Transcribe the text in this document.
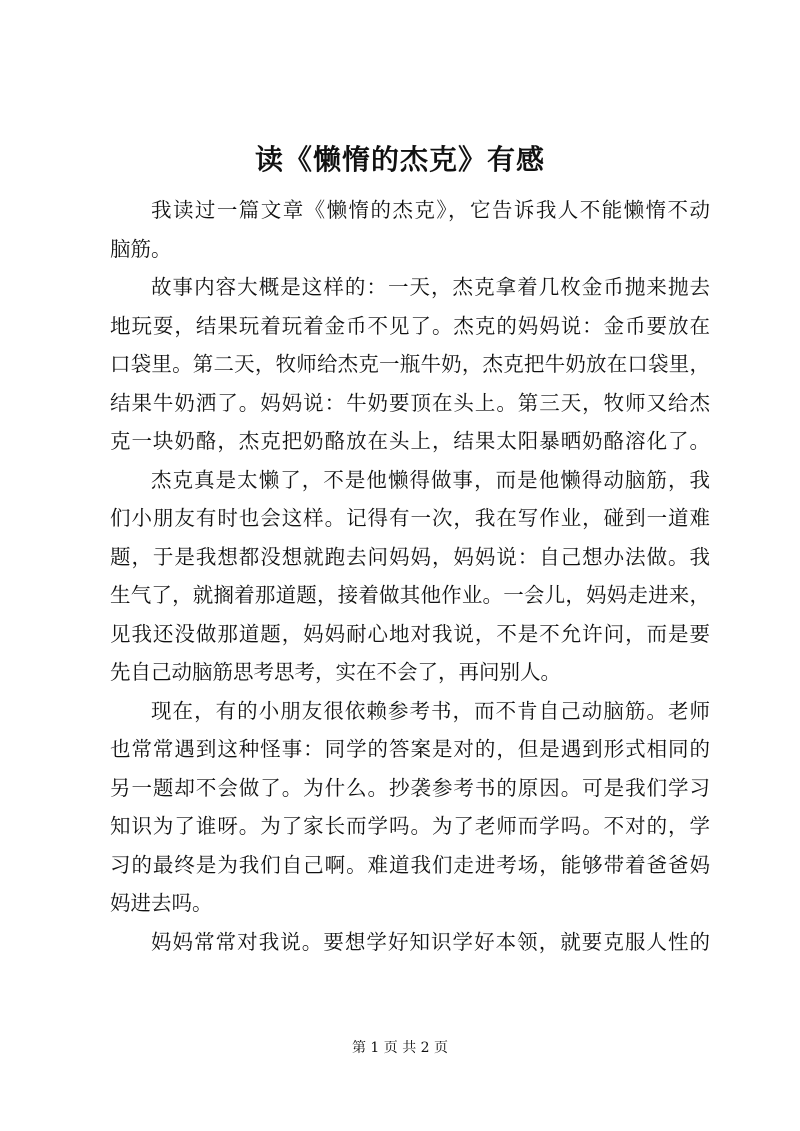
读《懒惰的杰克》有感
我读过一篇文章《懒惰的杰克》，它告诉我人不能懒惰不动
脑筋。
故事内容大概是这样的：一天，杰克拿着几枚金币抛来抛去
地玩耍，结果玩着玩着金币不见了。杰克的妈妈说：金币要放在
口袋里。第二天，牧师给杰克一瓶牛奶，杰克把牛奶放在口袋里，
结果牛奶洒了。妈妈说：牛奶要顶在头上。第三天，牧师又给杰
克一块奶酪，杰克把奶酪放在头上，结果太阳暴晒奶酪溶化了。
杰克真是太懒了，不是他懒得做事，而是他懒得动脑筋，我
们小朋友有时也会这样。记得有一次，我在写作业，碰到一道难
题，于是我想都没想就跑去问妈妈，妈妈说：自己想办法做。我
生气了，就搁着那道题，接着做其他作业。一会儿，妈妈走进来，
见我还没做那道题，妈妈耐心地对我说，不是不允许问，而是要
先自己动脑筋思考思考，实在不会了，再问别人。
现在，有的小朋友很依赖参考书，而不肯自己动脑筋。老师
也常常遇到这种怪事：同学的答案是对的，但是遇到形式相同的
另一题却不会做了。为什么。抄袭参考书的原因。可是我们学习
知识为了谁呀。为了家长而学吗。为了老师而学吗。不对的，学
习的最终是为我们自己啊。难道我们走进考场，能够带着爸爸妈
妈进去吗。
妈妈常常对我说。要想学好知识学好本领，就要克服人性的
第 1 页 共 2 页
